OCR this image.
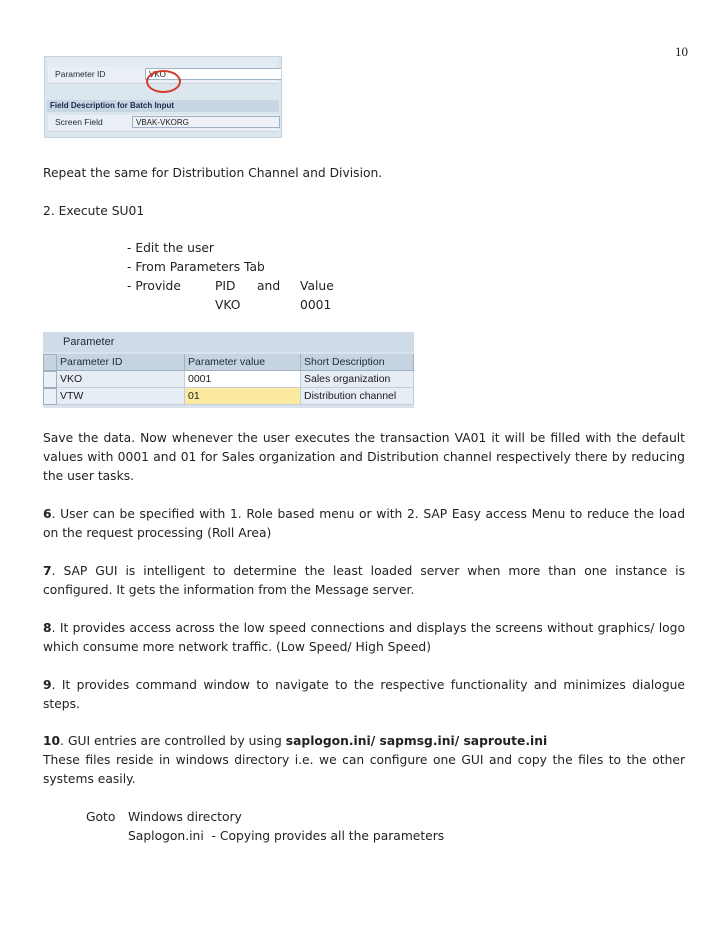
10
Parameter ID	VKO
Field Description for Batch Input
Screen Field	VBAK-VKORG
Repeat the same for Distribution Channel and Division.
2. Execute SU01
- Edit the user
- From Parameters Tab
- Provide	PID and Value
VKO	0001
Parameter
Parameter ID	Parameter value	Short Description
VKO	0001	Sales organization
VTW	01	Distribution channel
Save the data. Now whenever the user executes the transaction VA01 it will be filled with the default values with 0001 and 01 for Sales organization and Distribution channel respectively there by reducing the user tasks.
6. User can be specified with 1. Role based menu or with 2. SAP Easy access Menu to reduce the load on the request processing (Roll Area)
7. SAP GUI is intelligent to determine the least loaded server when more than one instance is configured. It gets the information from the Message server.
8. It provides access across the low speed connections and displays the screens without graphics/ logo which consume more network traffic. (Low Speed/ High Speed)
9. It provides command window to navigate to the respective functionality and minimizes dialogue steps.
10. GUI entries are controlled by using saplogon.ini/ sapmsg.ini/ saproute.ini
These files reside in windows directory i.e. we can configure one GUI and copy the files to the other systems easily.
Goto Windows directory
Saplogon.ini  - Copying provides all the parameters
